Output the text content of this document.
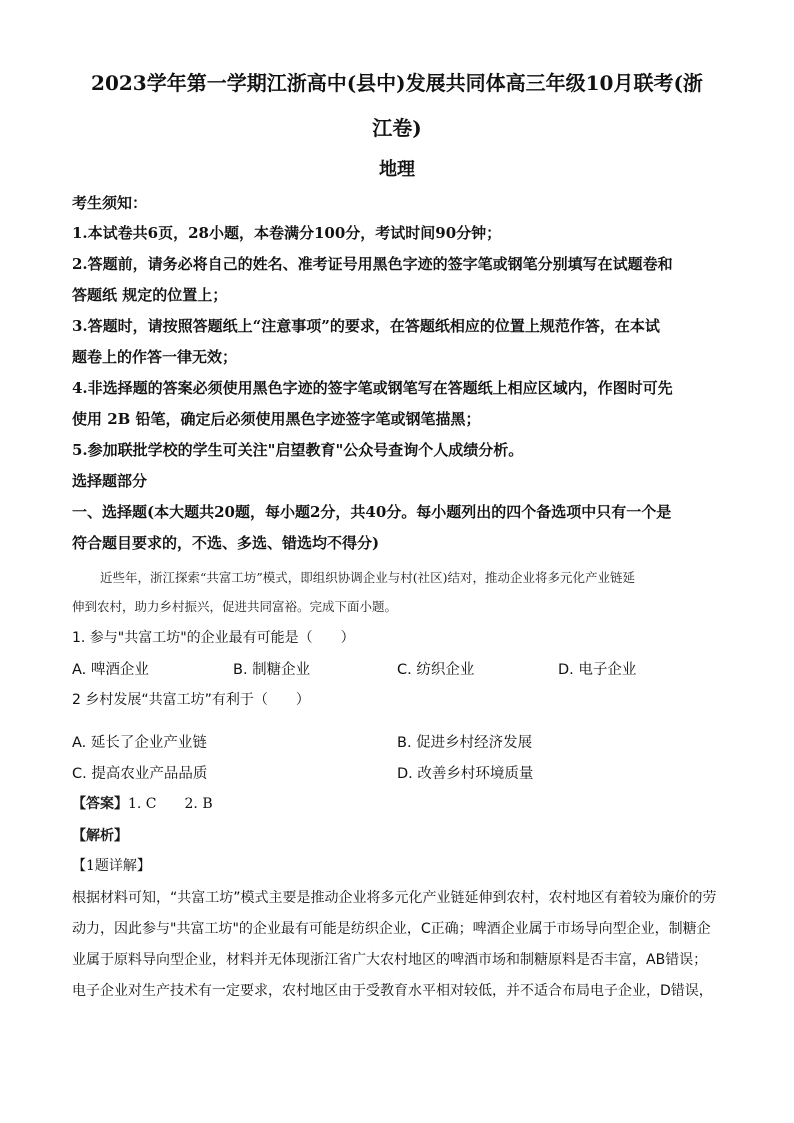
2023学年第一学期江浙高中(县中)发展共同体高三年级10月联考(浙
江卷)
地理
考生须知：
1.本试卷共6页，28小题，本卷满分100分，考试时间90分钟；
2.答题前，请务必将自己的姓名、准考证号用黑色字迹的签字笔或钢笔分别填写在试题卷和
答题纸 规定的位置上；
3.答题时，请按照答题纸上“注意事项”的要求，在答题纸相应的位置上规范作答，在本试
题卷上的作答一律无效；
4.非选择题的答案必须使用黑色字迹的签字笔或钢笔写在答题纸上相应区域内，作图时可先
使用 2B 铅笔，确定后必须使用黑色字迹签字笔或钢笔描黑；
5.参加联批学校的学生可关注"启望教育"公众号查询个人成绩分析。
选择题部分
一、选择题(本大题共20题，每小题2分，共40分。每小题列出的四个备选项中只有一个是
符合题目要求的，不选、多选、错选均不得分)
近些年，浙江探索“共富工坊”模式，即组织协调企业与村(社区)结对，推动企业将多元化产业链延
伸到农村，助力乡村振兴，促进共同富裕。完成下面小题。
1. 参与"共富工坊"的企业最有可能是（　　）
A. 啤酒企业	B. 制糖企业	C. 纺织企业	D. 电子企业
2 乡村发展“共富工坊”有利于（　　）
A. 延长了企业产业链	B. 促进乡村经济发展
C. 提高农业产品品质	D. 改善乡村环境质量
【答案】1. C　　2. B
【解析】
【1题详解】
根据材料可知，“共富工坊”模式主要是推动企业将多元化产业链延伸到农村，农村地区有着较为廉价的劳
动力，因此参与"共富工坊"的企业最有可能是纺织企业，C正确；啤酒企业属于市场导向型企业，制糖企
业属于原料导向型企业，材料并无体现浙江省广大农村地区的啤酒市场和制糖原料是否丰富，AB错误；
电子企业对生产技术有一定要求，农村地区由于受教育水平相对较低，并不适合布局电子企业，D错误，
